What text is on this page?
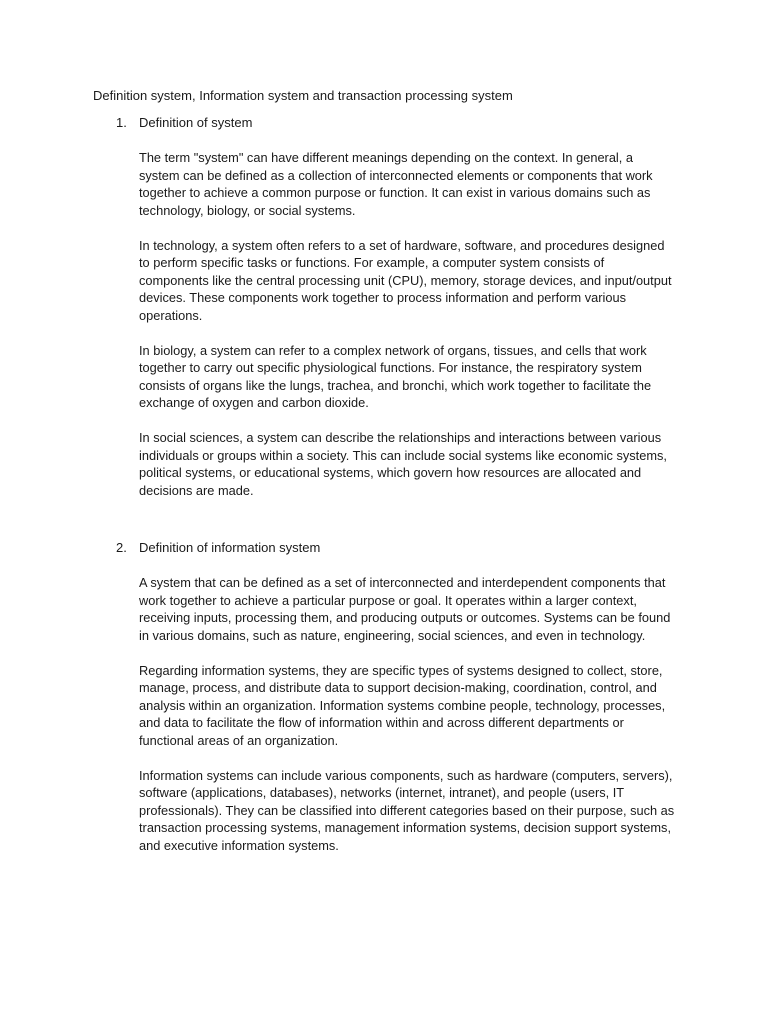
Definition system, Information system and transaction processing system
1. Definition of system

The term "system" can have different meanings depending on the context. In general, a system can be defined as a collection of interconnected elements or components that work together to achieve a common purpose or function. It can exist in various domains such as technology, biology, or social systems.

In technology, a system often refers to a set of hardware, software, and procedures designed to perform specific tasks or functions. For example, a computer system consists of components like the central processing unit (CPU), memory, storage devices, and input/output devices. These components work together to process information and perform various operations.

In biology, a system can refer to a complex network of organs, tissues, and cells that work together to carry out specific physiological functions. For instance, the respiratory system consists of organs like the lungs, trachea, and bronchi, which work together to facilitate the exchange of oxygen and carbon dioxide.

In social sciences, a system can describe the relationships and interactions between various individuals or groups within a society. This can include social systems like economic systems, political systems, or educational systems, which govern how resources are allocated and decisions are made.

2. Definition of information system

A system that can be defined as a set of interconnected and interdependent components that work together to achieve a particular purpose or goal. It operates within a larger context, receiving inputs, processing them, and producing outputs or outcomes. Systems can be found in various domains, such as nature, engineering, social sciences, and even in technology.

Regarding information systems, they are specific types of systems designed to collect, store, manage, process, and distribute data to support decision-making, coordination, control, and analysis within an organization. Information systems combine people, technology, processes, and data to facilitate the flow of information within and across different departments or functional areas of an organization.

Information systems can include various components, such as hardware (computers, servers), software (applications, databases), networks (internet, intranet), and people (users, IT professionals). They can be classified into different categories based on their purpose, such as transaction processing systems, management information systems, decision support systems, and executive information systems.
